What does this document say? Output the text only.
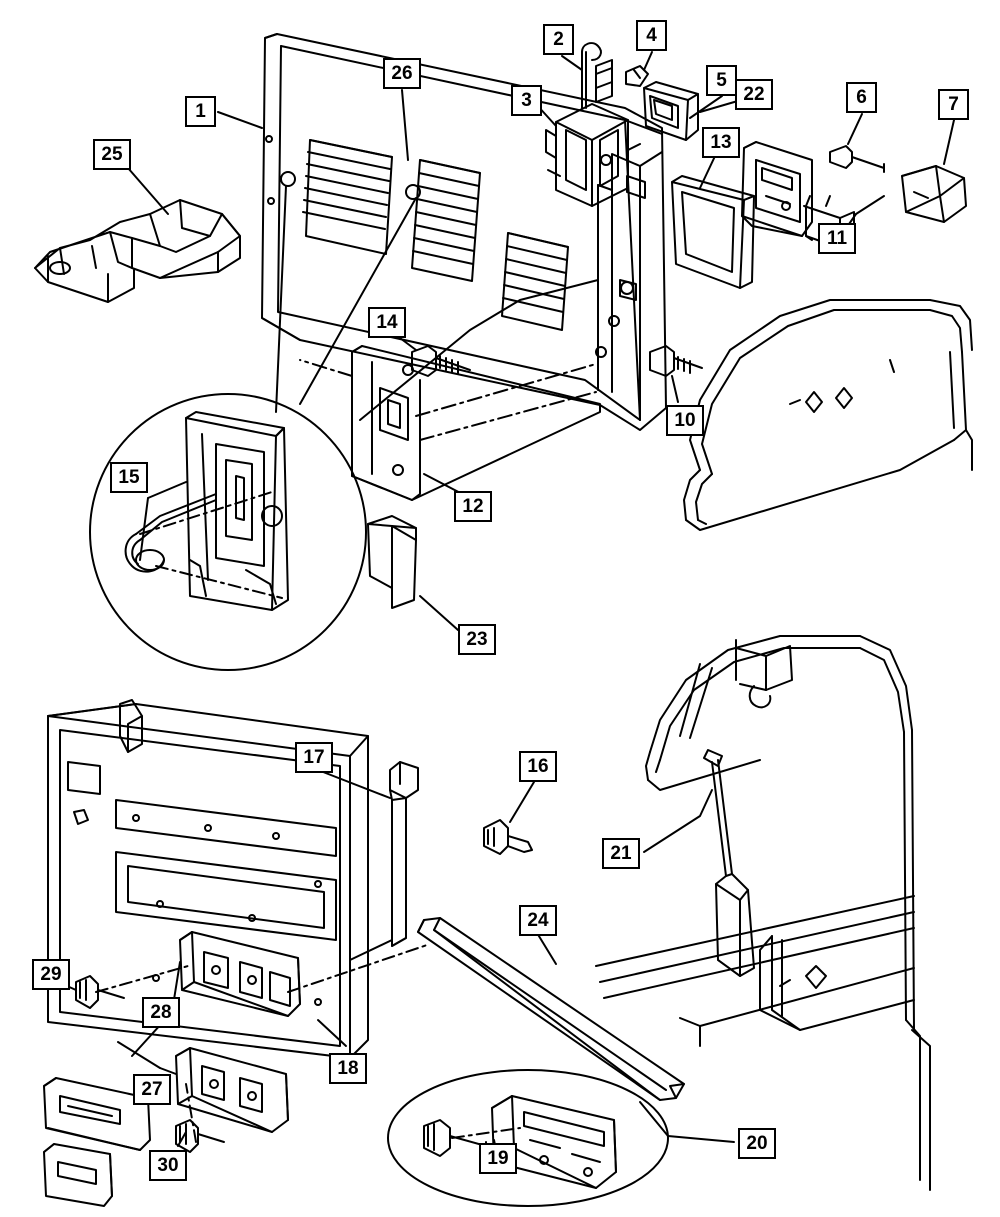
1
2
3
4
5
6	7
10
11
12
13
14
15
16
17
18
19
20
21
22
23
24
25
26
27
28
29
30
